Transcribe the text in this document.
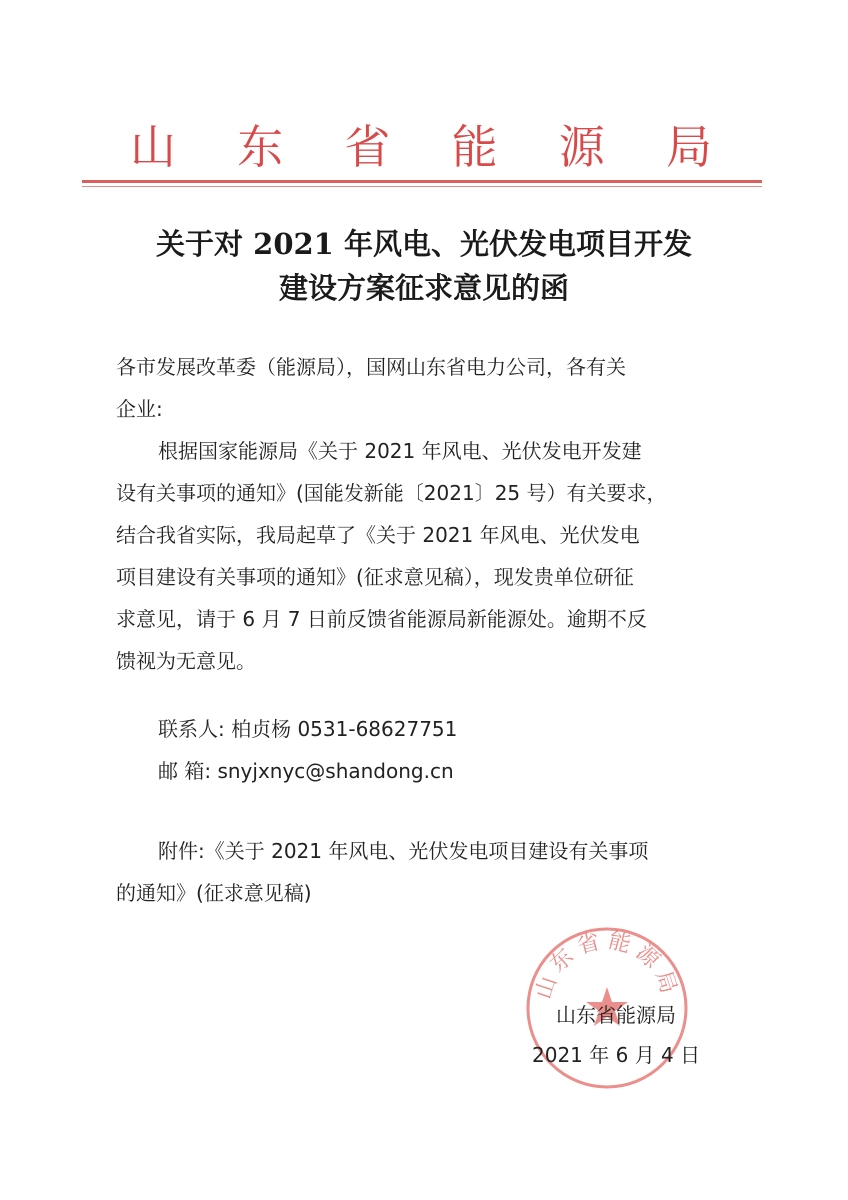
山 东 省 能 源 局
关于对 2021 年风电、光伏发电项目开发
建设方案征求意见的函
各市发展改革委（能源局），国网山东省电力公司，各有关
企业:
根据国家能源局《关于 2021 年风电、光伏发电开发建
设有关事项的通知》(国能发新能〔2021〕25 号）有关要求，
结合我省实际，我局起草了《关于 2021 年风电、光伏发电
项目建设有关事项的通知》(征求意见稿），现发贵单位研征
求意见，请于 6 月 7 日前反馈省能源局新能源处。逾期不反
馈视为无意见。
联系人: 柏贞杨 0531-68627751
邮 箱: snyjxnyc@shandong.cn
附件:《关于 2021 年风电、光伏发电项目建设有关事项
的通知》(征求意见稿)
山东省能源局
山东省能源局
2021 年 6 月 4 日
